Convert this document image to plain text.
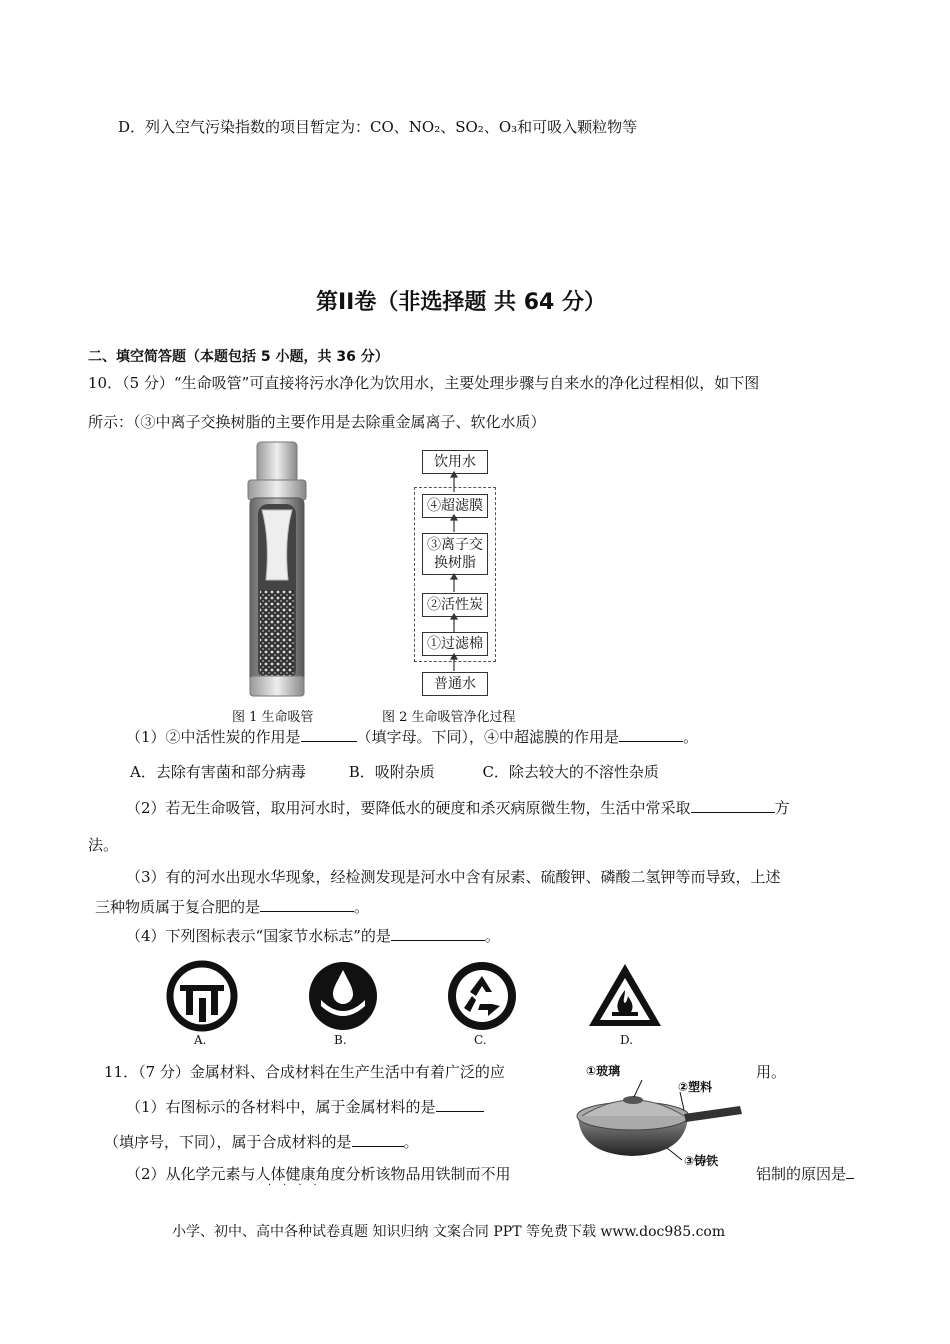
D．列入空气污染指数的项目暂定为：CO、NO₂、SO₂、O₃和可吸入颗粒物等
第II卷（非选择题 共 64 分）
二、填空简答题（本题包括 5 小题，共 36 分）
10．（5 分）“生命吸管”可直接将污水净化为饮用水，主要处理步骤与自来水的净化过程相似，如下图
所示：（③中离子交换树脂的主要作用是去除重金属离子、软化水质）
饮用水
④超滤膜
③离子交
换树脂
②活性炭
①过滤棉
普通水
图 1 生命吸管	图 2 生命吸管净化过程
（1）②中活性炭的作用是	（填字母。下同），④中超滤膜的作用是	。
A．去除有害菌和部分病毒         B．吸附杂质          C．除去较大的不溶性杂质
（2）若无生命吸管，取用河水时，要降低水的硬度和杀灭病原微生物，生活中常采取	方
法。
（3）有的河水出现水华现象，经检测发现是河水中含有尿素、硫酸钾、磷酸二氢钾等而导致，上述
三种物质属于复合肥的是	。
（4）下列图标表示“国家节水标志”的是	。
A.	B.	C.	D.
11．（7 分）金属材料、合成材料在生产生活中有着广泛的应	用。
（1）右图标示的各材料中，属于金属材料的是
（填序号，下同），属于合成材料的是	。
（2）从化学元素与人体健康角度分析该物品用铁制而不用	铝制的原因是
····
①玻璃
②塑料
③铸铁
小学、初中、高中各种试卷真题 知识归纳 文案合同 PPT 等免费下载 www.doc985.com
